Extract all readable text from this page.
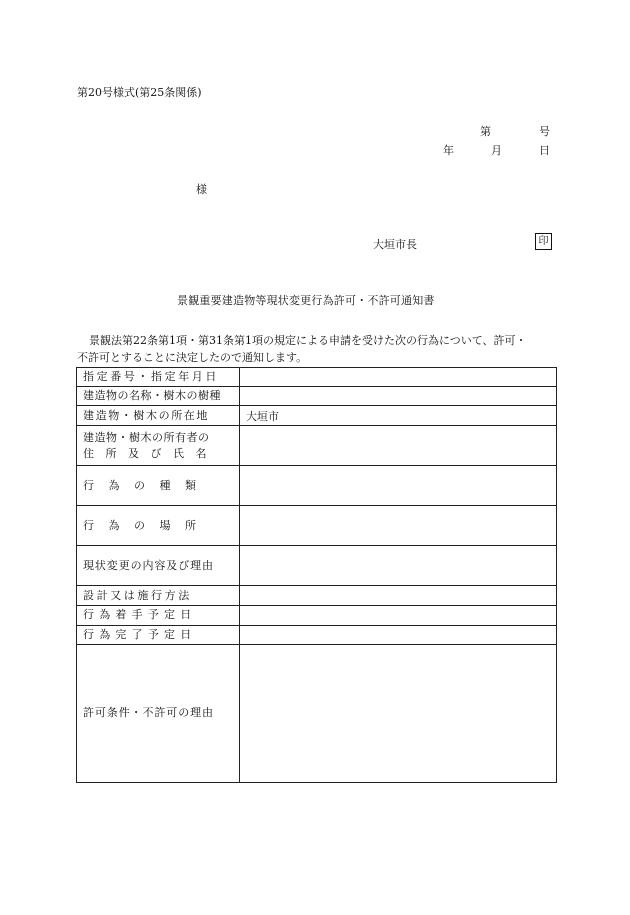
第20号様式(第25条関係)
第	号
年	月	日
様
大垣市長	印
景観重要建造物等現状変更行為許可・不許可通知書
景観法第22条第1項・第31条第1項の規定による申請を受けた次の行為について、許可・
不許可とすることに決定したので通知します。
指定番号・指定年月日	
建造物の名称・樹木の樹種	
建造物・樹木の所在地	大垣市

建造物・樹木の所有者の
住所及び氏名	

行為の種類	
行為の場所	
現状変更の内容及び理由	
設計又は施行方法	
行為着手予定日	
行為完了予定日	
許可条件・不許可の理由	
